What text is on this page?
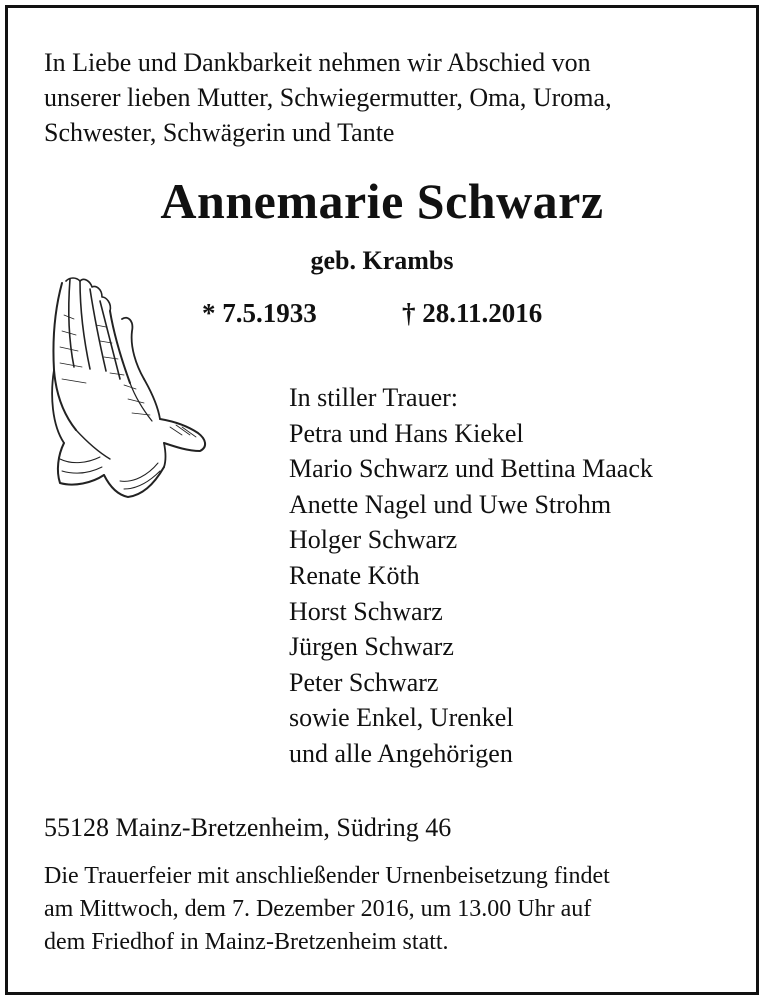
In Liebe und Dankbarkeit nehmen wir Abschied von
unserer lieben Mutter, Schwiegermutter, Oma, Uroma,
Schwester, Schwägerin und Tante
Annemarie Schwarz
geb. Krambs
* 7.5.1933	† 28.11.2016
In stiller Trauer:
Petra und Hans Kiekel
Mario Schwarz und Bettina Maack
Anette Nagel und Uwe Strohm
Holger Schwarz
Renate Köth
Horst Schwarz
Jürgen Schwarz
Peter Schwarz
sowie Enkel, Urenkel
und alle Angehörigen
55128 Mainz-Bretzenheim, Südring 46
Die Trauerfeier mit anschließender Urnenbeisetzung findet
am Mittwoch, dem 7. Dezember 2016, um 13.00 Uhr auf
dem Friedhof in Mainz-Bretzenheim statt.
